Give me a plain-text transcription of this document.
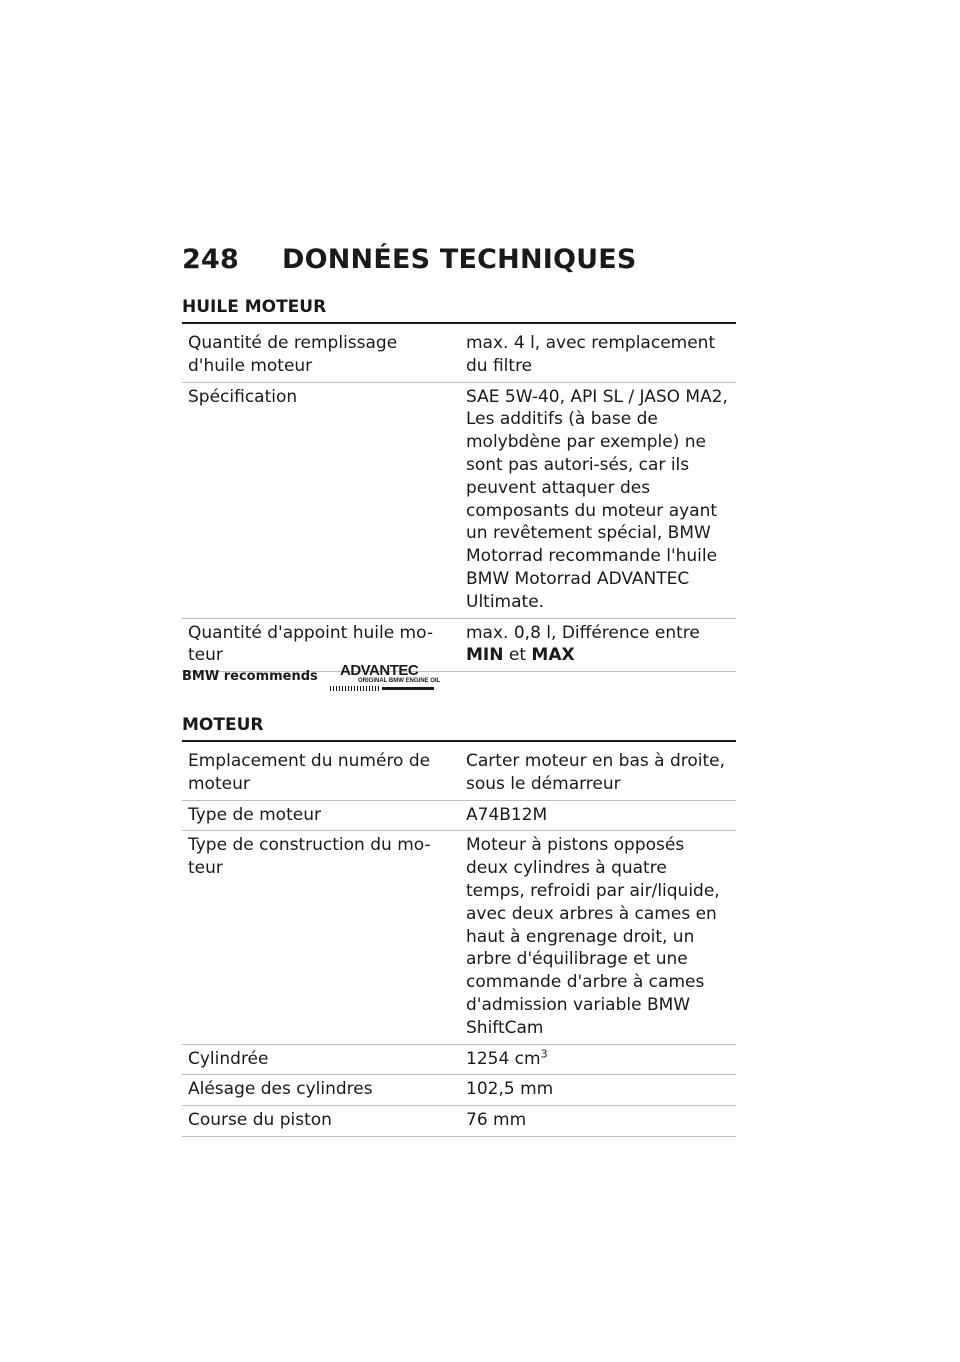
248 DONNÉES TECHNIQUES
HUILE MOTEUR
Quantité de remplissage d'huile moteur	max. 4 l, avec remplacement du filtre
Spécification	SAE 5W-40, API SL / JASO MA2, Les additifs (à base de molybdène par exemple) ne sont pas autori-sés, car ils peuvent attaquer des composants du moteur ayant un revêtement spécial, BMW Motorrad recommande l'huile BMW Motorrad ADVANTEC Ultimate.
Quantité d'appoint huile mo-teur	max. 0,8 l, Différence entre MIN et MAX
BMW recommends ADVANTEC
ORIGINAL BMW ENGINE OIL
MOTEUR
Emplacement du numéro de moteur	Carter moteur en bas à droite, sous le démarreur
Type de moteur	A74B12M
Type de construction du mo-teur	Moteur à pistons opposés deux cylindres à quatre temps, refroidi par air/liquide, avec deux arbres à cames en haut à engrenage droit, un arbre d'équilibrage et une commande d'arbre à cames d'admission variable BMW ShiftCam
Cylindrée	1254 $cm^3$
Alésage des cylindres	102,5 mm
Course du piston	76 mm
